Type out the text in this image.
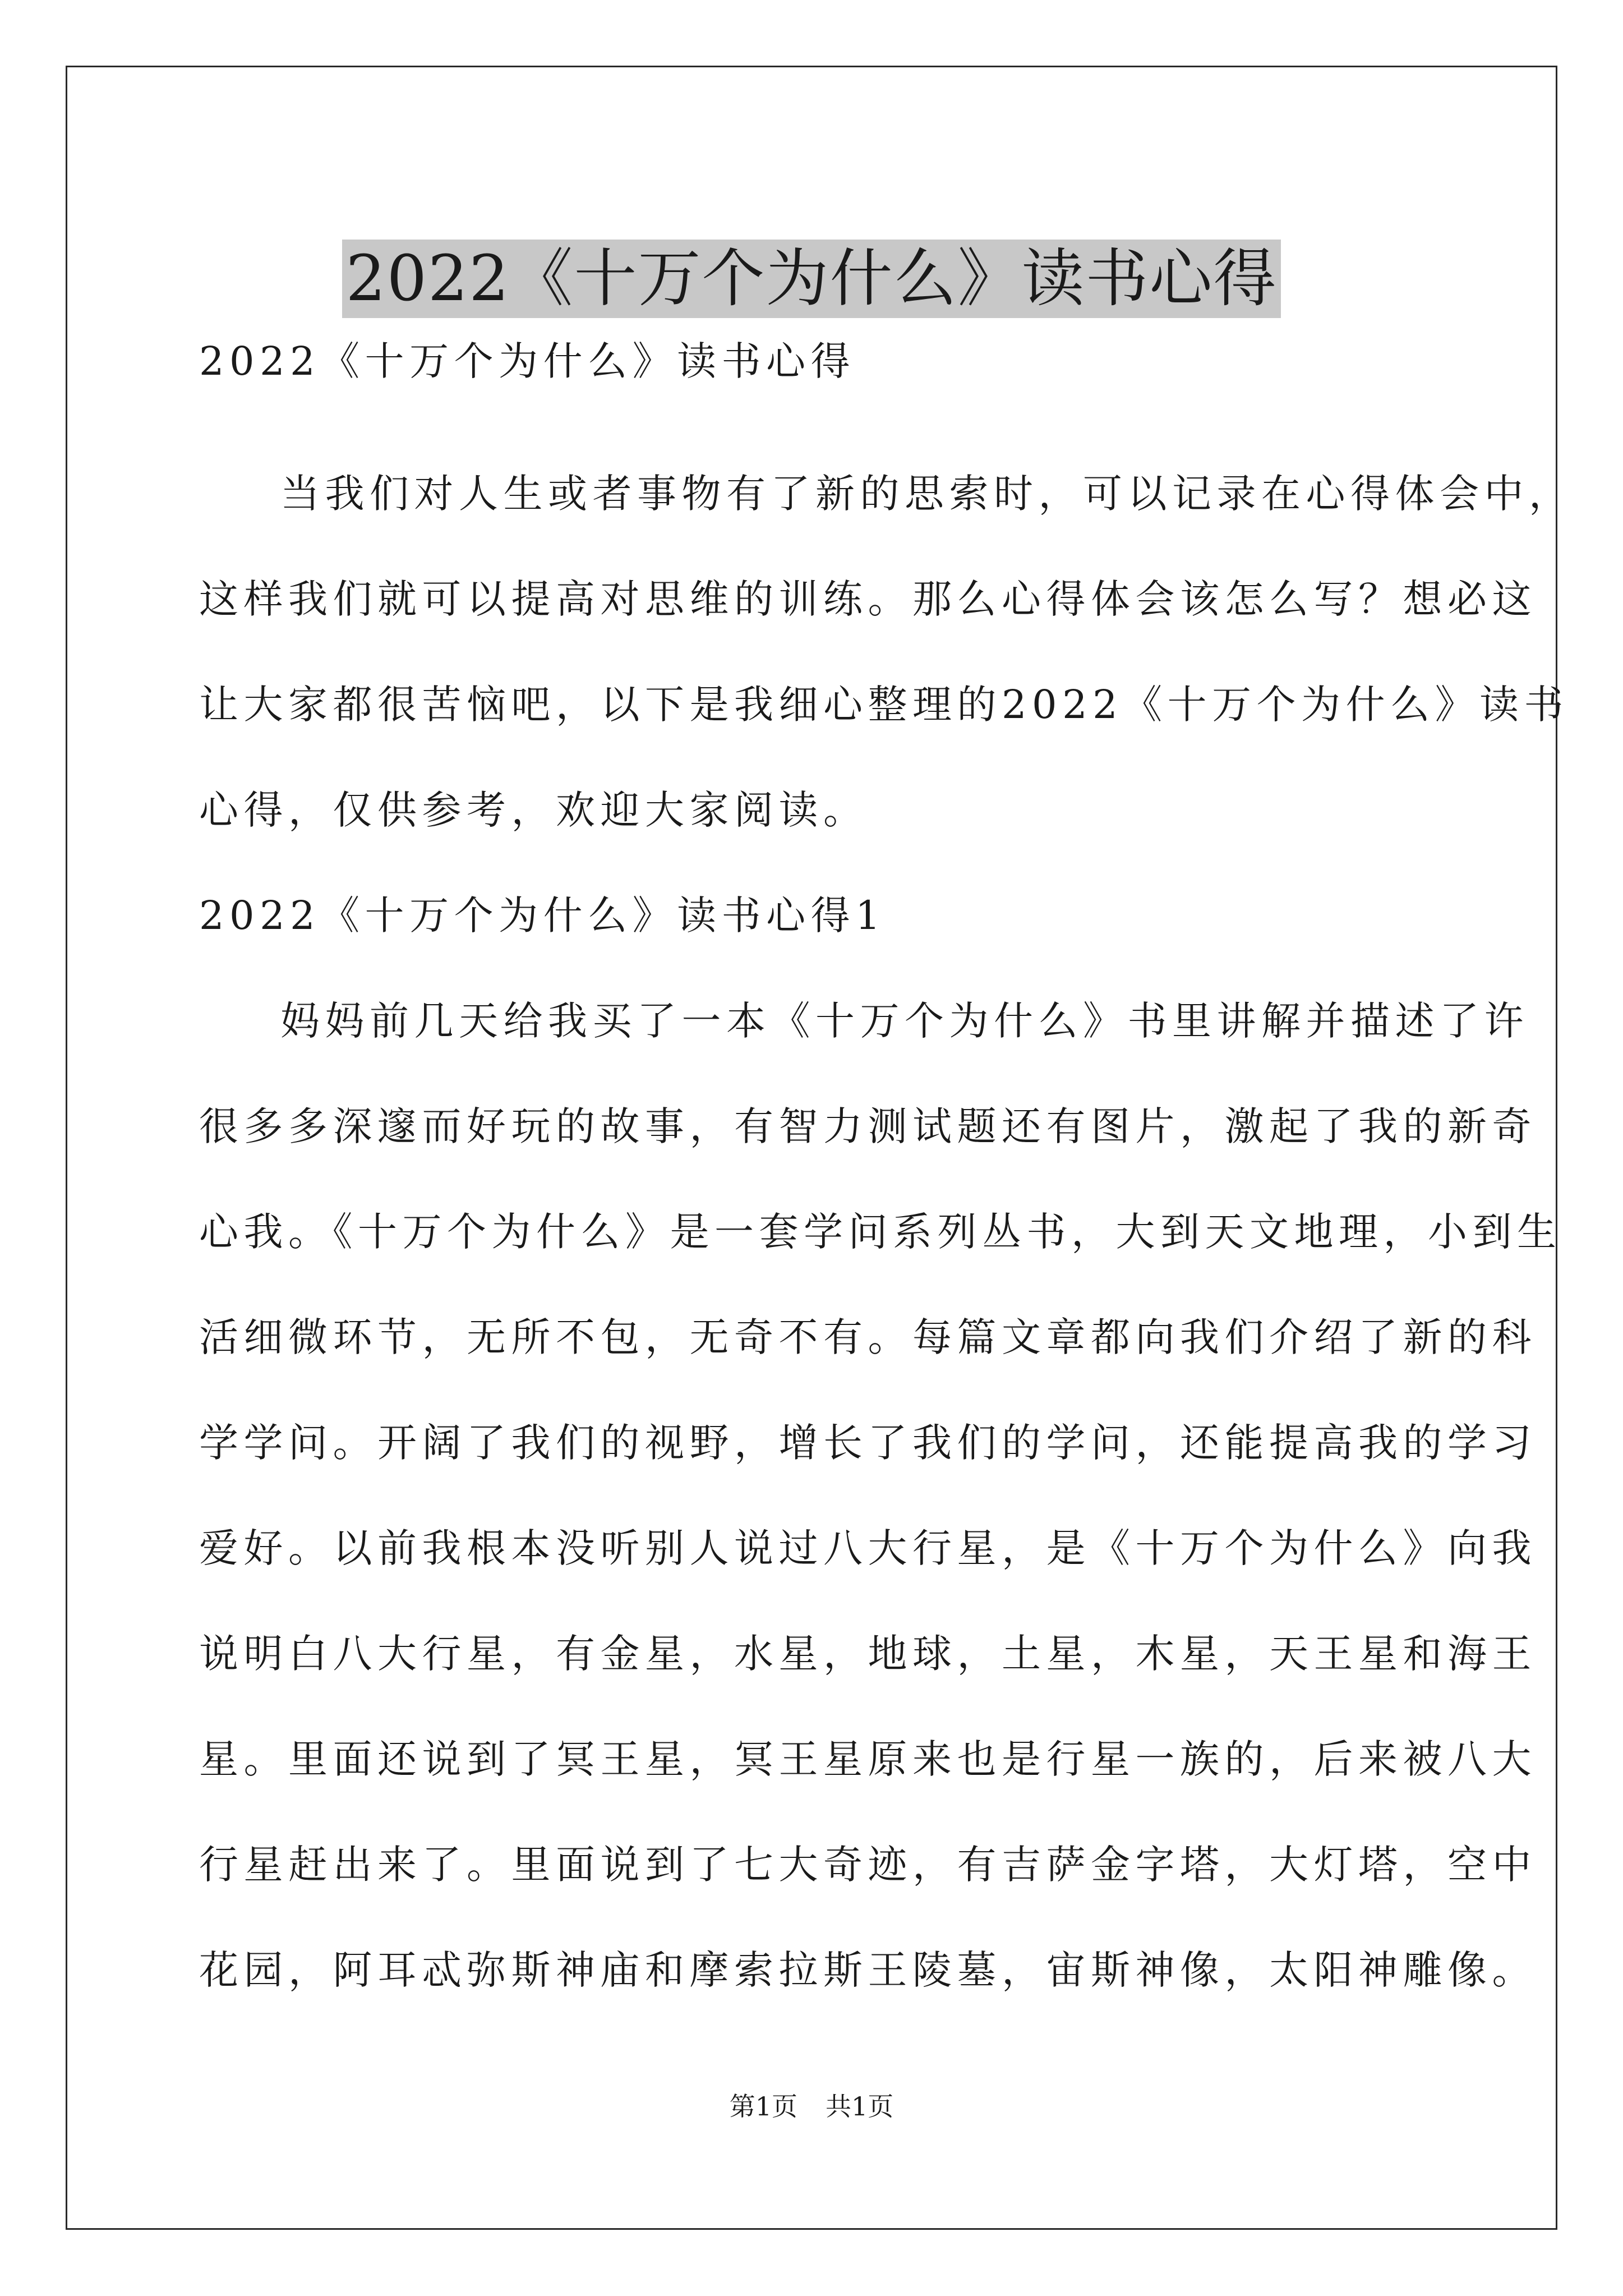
2022《十万个为什么》读书心得
2022《十万个为什么》读书心得
当我们对人生或者事物有了新的思索时，可以记录在心得体会中，
这样我们就可以提高对思维的训练。那么心得体会该怎么写？想必这
让大家都很苦恼吧，以下是我细心整理的2022《十万个为什么》读书
心得，仅供参考，欢迎大家阅读。
2022《十万个为什么》读书心得1
妈妈前几天给我买了一本《十万个为什么》书里讲解并描述了许
很多多深邃而好玩的故事，有智力测试题还有图片，激起了我的新奇
心我。《十万个为什么》是一套学问系列丛书，大到天文地理，小到生
活细微环节，无所不包，无奇不有。每篇文章都向我们介绍了新的科
学学问。开阔了我们的视野，增长了我们的学问，还能提高我的学习
爱好。以前我根本没听别人说过八大行星，是《十万个为什么》向我
说明白八大行星，有金星，水星，地球，土星，木星，天王星和海王
星。里面还说到了冥王星，冥王星原来也是行星一族的，后来被八大
行星赶出来了。里面说到了七大奇迹，有吉萨金字塔，大灯塔，空中
花园，阿耳忒弥斯神庙和摩索拉斯王陵墓，宙斯神像，太阳神雕像。
第1页 共1页
